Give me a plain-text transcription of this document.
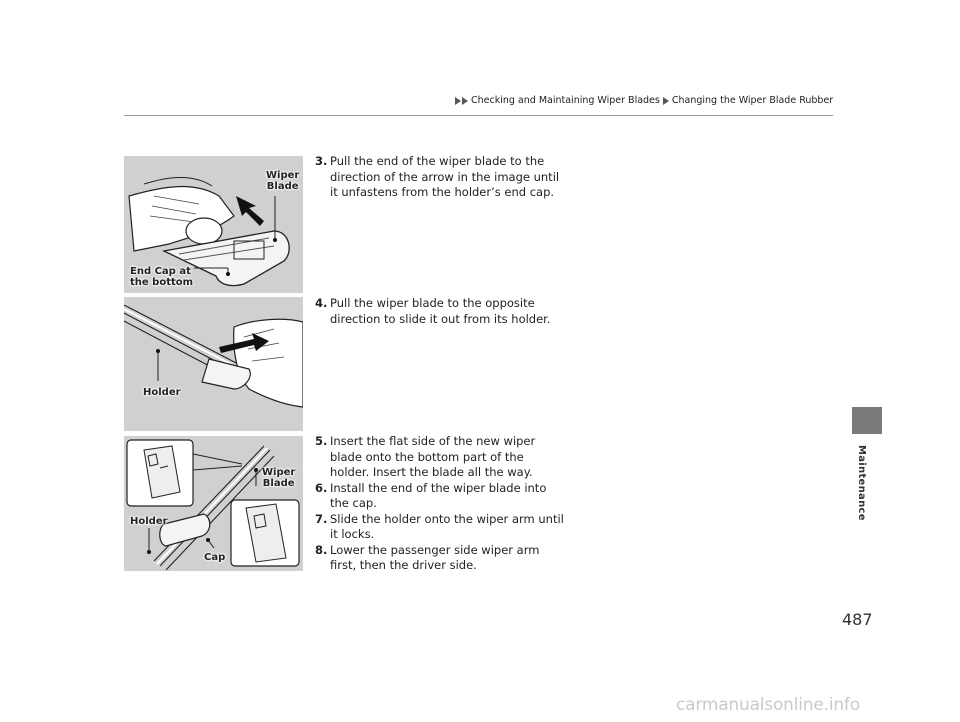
Checking and Maintaining Wiper Blades Changing the Wiper Blade Rubber
Maintenance
Wiper
Blade
End Cap at
the bottom
Holder
Wiper
Blade
Holder
Cap

3. Pull the end of the wiper blade to the direction of the arrow in the image until it unfastens from the holder’s end cap.

4. Pull the wiper blade to the opposite direction to slide it out from its holder.

5. Insert the flat side of the new wiper blade onto the bottom part of the holder. Insert the blade all the way.

6. Install the end of the wiper blade into the cap.

7. Slide the holder onto the wiper arm until it locks.

8. Lower the passenger side wiper arm first, then the driver side.

487
carmanualsonline.info
